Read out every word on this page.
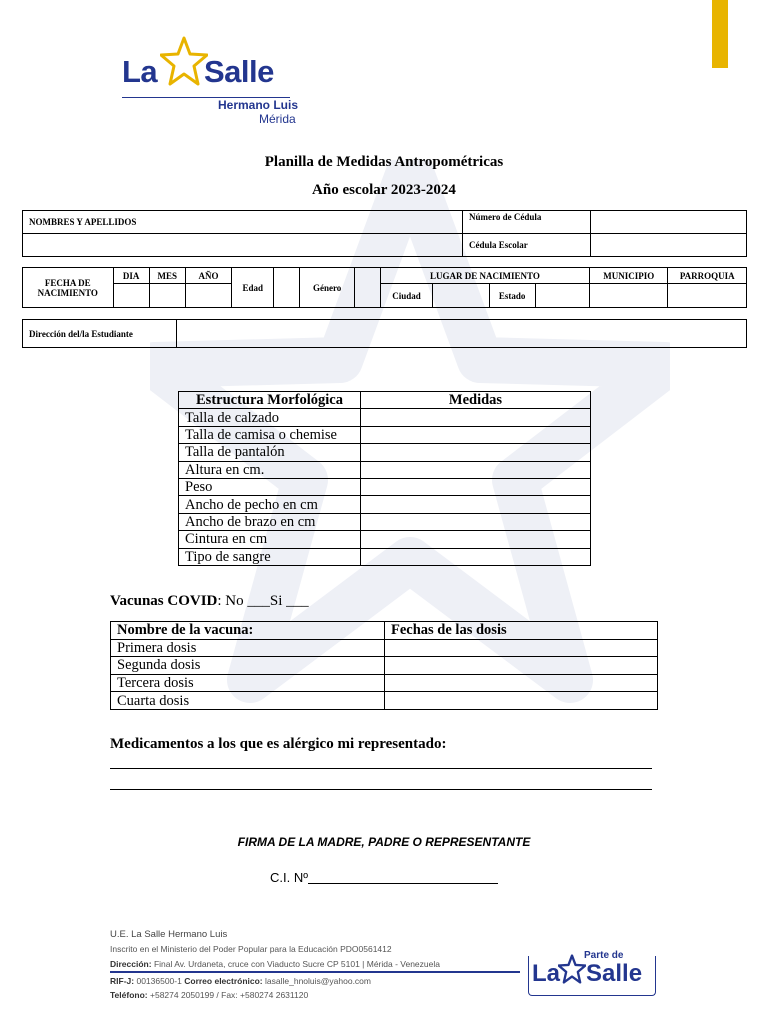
La Salle
Hermano Luis
Mérida
Planilla de Medidas Antropométricas
Año escolar 2023-2024
NOMBRES Y APELLIDOS	Número de Cédula	
	Cédula Escolar	
FECHA DE NACIMIENTO	DIA	MES	AÑO	Edad		Género		LUGAR DE NACIMIENTO				MUNICIPIO	PARROQUIA
								Ciudad		Estado			
Dirección del/la Estudiante	
Estructura Morfológica	Medidas
Talla de calzado	
Talla de camisa o chemise	
Talla de pantalón	
Altura en cm.	
Peso	
Ancho de pecho en cm	
Ancho de brazo en cm	
Cintura en cm	
Tipo de sangre	
Vacunas COVID: No ___Si ___
Nombre de la vacuna:	Fechas de las dosis
Primera dosis	
Segunda dosis	
Tercera dosis	
Cuarta dosis	
Medicamentos a los que es alérgico mi representado:
FIRMA DE LA MADRE, PADRE O REPRESENTANTE
C.I. Nº
U.E. La Salle Hermano Luis
Inscrito en el Ministerio del Poder Popular para la Educación PDO0561412
Dirección: Final Av. Urdaneta, cruce con Viaducto Sucre CP 5101 | Mérida - Venezuela
RIF-J: 00136500-1 Correo electrónico: lasalle_hnoluis@yahoo.com
Teléfono: +58274 2050199 / Fax: +580274 2631120
Parte de
La Salle
